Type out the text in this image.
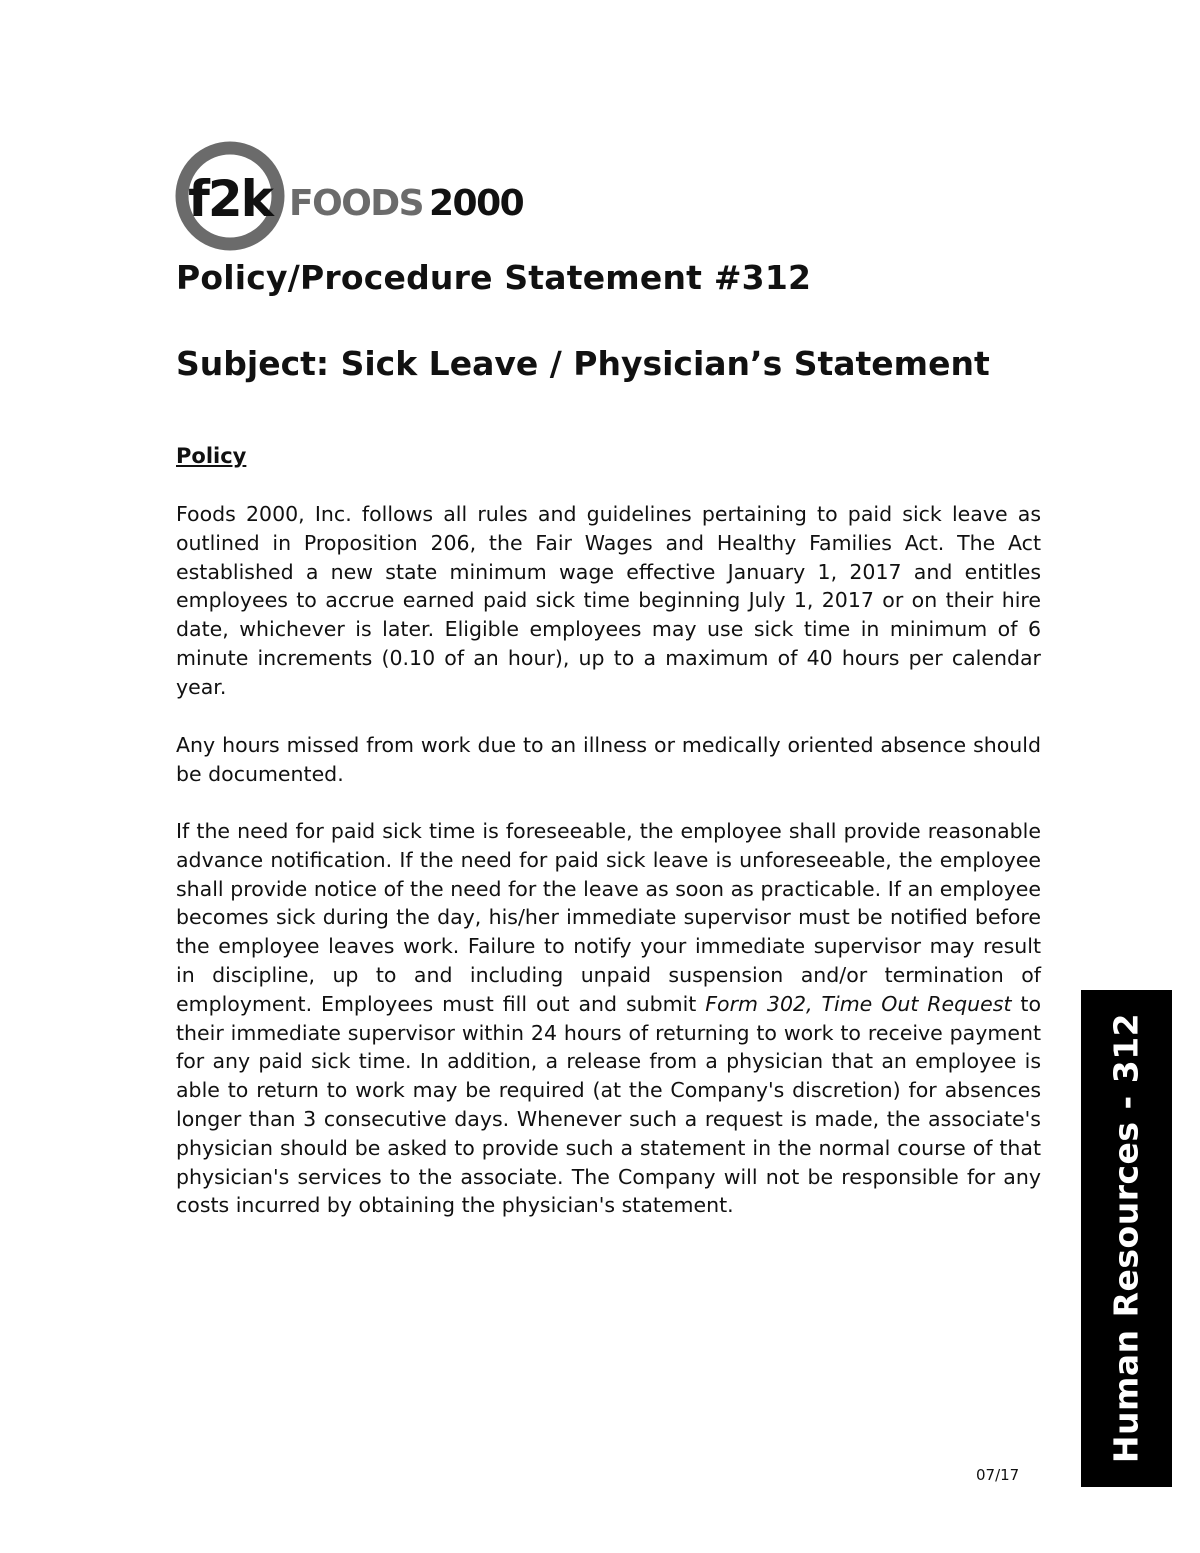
f2k FOODS 2000
Policy/Procedure Statement #312
Subject: Sick Leave / Physician’s Statement
Policy

Foods 2000, Inc. follows all rules and guidelines pertaining to paid sick leave as outlined in Proposition 206, the Fair Wages and Healthy Families Act. The Act established a new state minimum wage effective January 1, 2017 and entitles employees to accrue earned paid sick time beginning July 1, 2017 or on their hire date, whichever is later. Eligible employees may use sick time in minimum of 6 minute increments (0.10 of an hour), up to a maximum of 40 hours per calendar year.

Any hours missed from work due to an illness or medically oriented absence should be documented.

If the need for paid sick time is foreseeable, the employee shall provide reasonable advance notification. If the need for paid sick leave is unforeseeable, the employee shall provide notice of the need for the leave as soon as practicable. If an employee becomes sick during the day, his/her immediate supervisor must be notified before the employee leaves work. Failure to notify your immediate supervisor may result in discipline, up to and including unpaid suspension and/or termination of employment. Employees must fill out and submit Form 302, Time Out Request to their immediate supervisor within 24 hours of returning to work to receive payment for any paid sick time. In addition, a release from a physician that an employee is able to return to work may be required (at the Company's discretion) for absences longer than 3 consecutive days. Whenever such a request is made, the associate's physician should be asked to provide such a statement in the normal course of that physician's services to the associate. The Company will not be responsible for any costs incurred by obtaining the physician's statement.

07/17
Human Resources - 312
